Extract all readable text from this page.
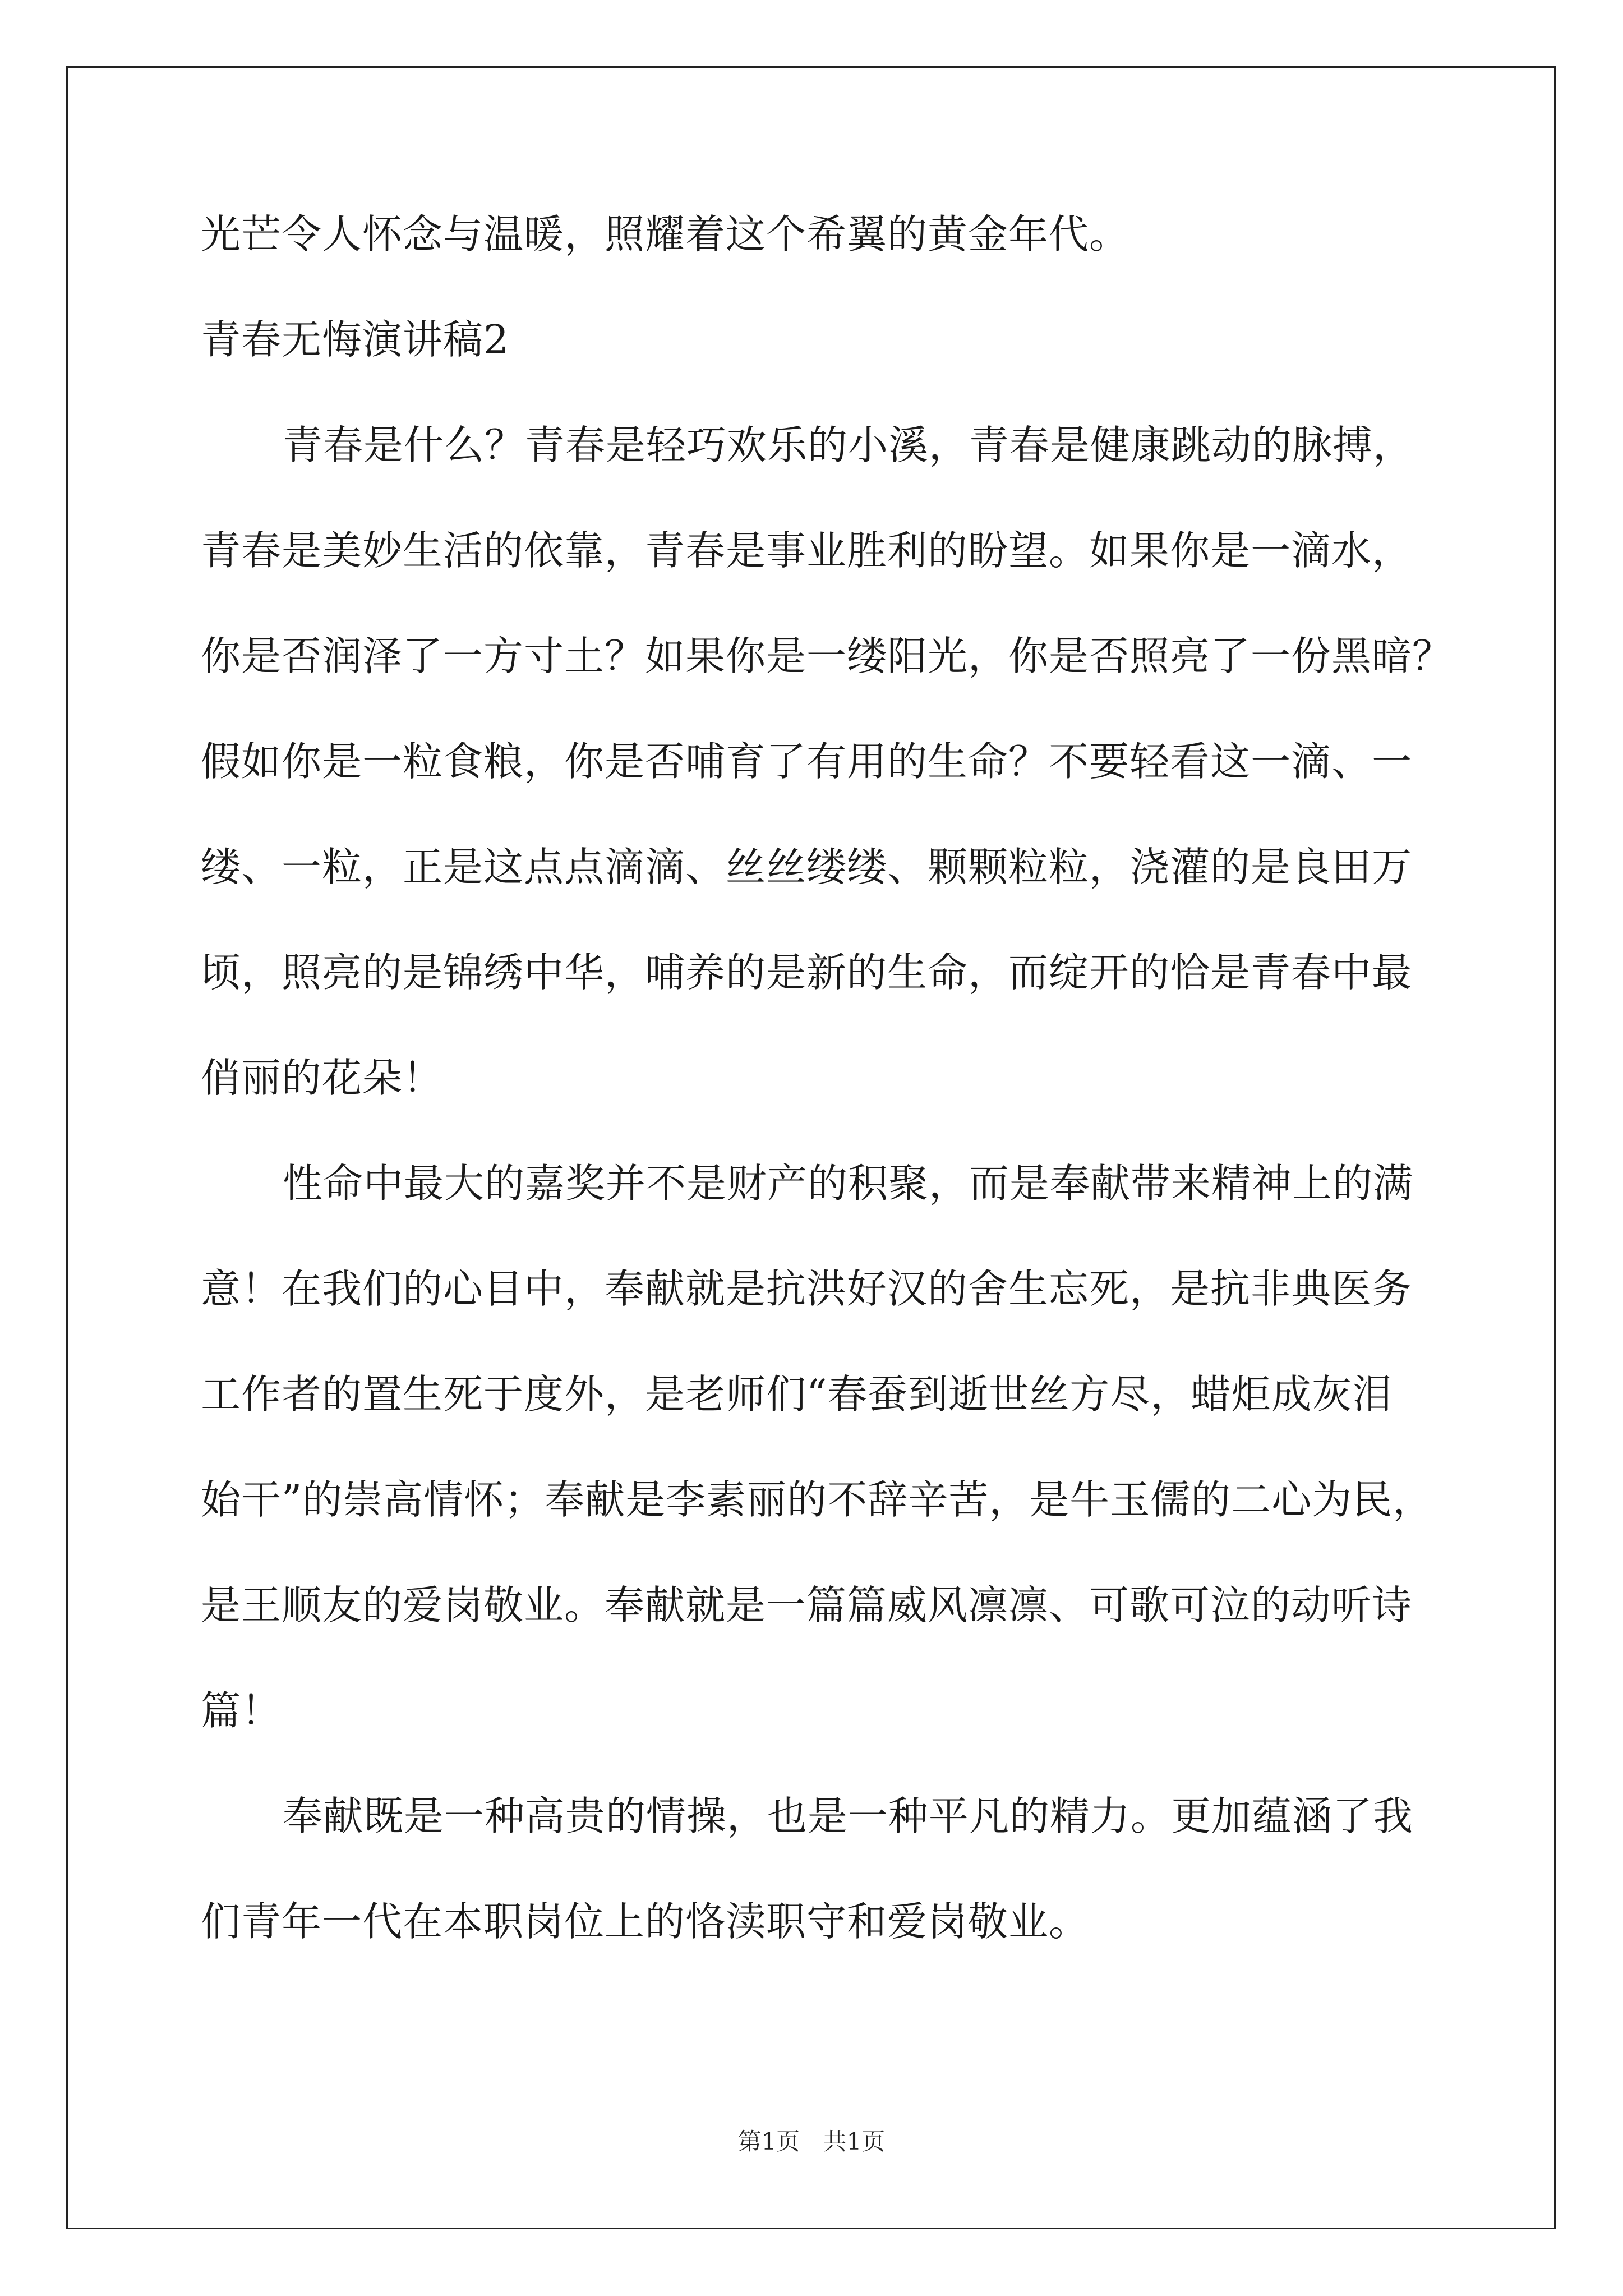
光芒令人怀念与温暖，照耀着这个希翼的黄金年代。
青春无悔演讲稿2
青春是什么？青春是轻巧欢乐的小溪，青春是健康跳动的脉搏，
青春是美妙生活的依靠，青春是事业胜利的盼望。如果你是一滴水，
你是否润泽了一方寸土？如果你是一缕阳光，你是否照亮了一份黑暗？
假如你是一粒食粮，你是否哺育了有用的生命？不要轻看这一滴、一
缕、一粒，正是这点点滴滴、丝丝缕缕、颗颗粒粒，浇灌的是良田万
顷，照亮的是锦绣中华，哺养的是新的生命，而绽开的恰是青春中最
俏丽的花朵！
性命中最大的嘉奖并不是财产的积聚，而是奉献带来精神上的满
意！在我们的心目中，奉献就是抗洪好汉的舍生忘死，是抗非典医务
工作者的置生死于度外，是老师们“春蚕到逝世丝方尽，蜡炬成灰泪
始干”的崇高情怀；奉献是李素丽的不辞辛苦，是牛玉儒的二心为民，
是王顺友的爱岗敬业。奉献就是一篇篇威风凛凛、可歌可泣的动听诗
篇！
奉献既是一种高贵的情操，也是一种平凡的精力。更加蕴涵了我
们青年一代在本职岗位上的恪渎职守和爱岗敬业。
第1页 共1页
